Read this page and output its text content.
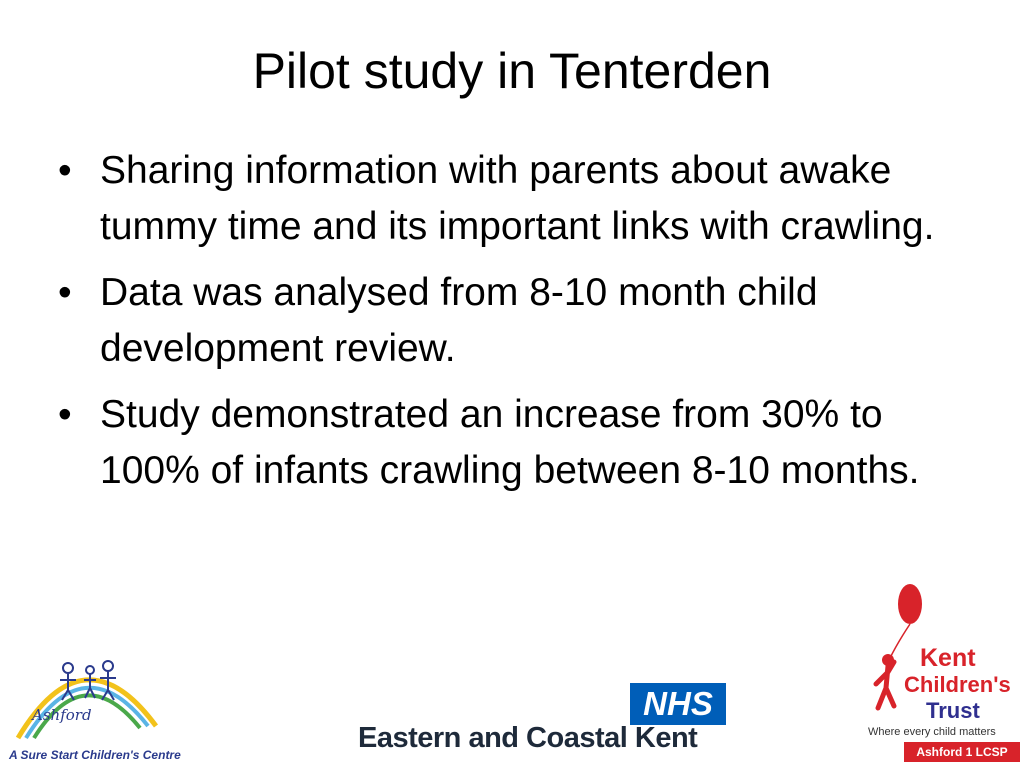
Pilot study in Tenterden
• Sharing information with parents about awake tummy time and its important links with crawling.
• Data was analysed from 8-10 month child development review.
• Study demonstrated an increase from 30% to 100% of infants crawling between 8-10 months.
Ashford
A Sure Start Children's Centre
NHS
Eastern and Coastal Kent
Kent
Children's
Trust
Where every child matters
Ashford 1 LCSP
